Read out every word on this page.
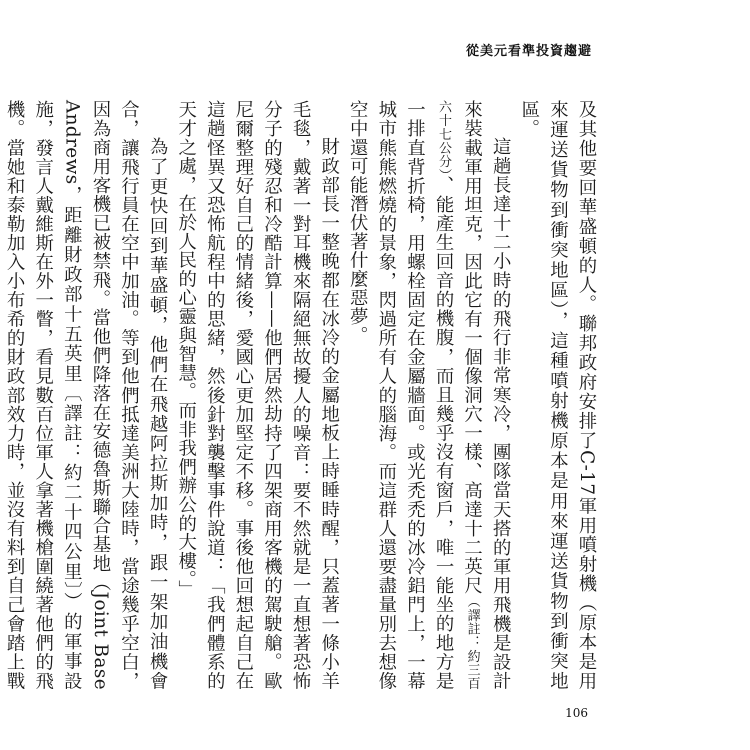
從美元看準投資趨避

及其他要回華盛頓的人。聯邦政府安排了C-17軍用噴射機（原本是用來運送貨物到衝突地區），這種噴射機原本是用來運送貨物到衝突地區。

這趟長達十二小時的飛行非常寒冷，團隊當天搭的軍用飛機是設計來裝載軍用坦克，因此它有一個像洞穴一樣、高達十二英尺（譯註：約三百六十七公分）、能產生回音的機腹，而且幾乎沒有窗戶，唯一能坐的地方是一排直背折椅，用螺栓固定在金屬牆面。或光禿禿的冰冷鋁門上，一幕城市熊熊燃燒的景象，閃過所有人的腦海。而這群人還要盡量別去想像空中還可能潛伏著什麼惡夢。

財政部長一整晚都在冰冷的金屬地板上時睡時醒，只蓋著一條小羊毛毯，戴著一對耳機來隔絕無故擾人的噪音：要不然就是一直想著恐怖分子的殘忍和冷酷計算——他們居然劫持了四架商用客機的駕駛艙。歐尼爾整理好自己的情緒後，愛國心更加堅定不移。事後他回想起自己在這趟怪異又恐怖航程中的思緒，然後針對襲擊事件說道：「我們體系的天才之處，在於人民的心靈與智慧。而非我們辦公的大樓。」

為了更快回到華盛頓，他們在飛越阿拉斯加時，跟一架加油機會合，讓飛行員在空中加油。等到他們抵達美洲大陸時，當途幾乎空白，因為商用客機已被禁飛。當他們降落在安德魯斯聯合基地（Joint Base Andrews，距離財政部十五英里〔譯註：約二十四公里〕）的軍事設施，發言人戴維斯在外一瞥，看見數百位軍人拿著機槍圍繞著他們的飛機。當她和泰勒加入小布希的財政部效力時，並沒有料到自己會踏上戰

106
